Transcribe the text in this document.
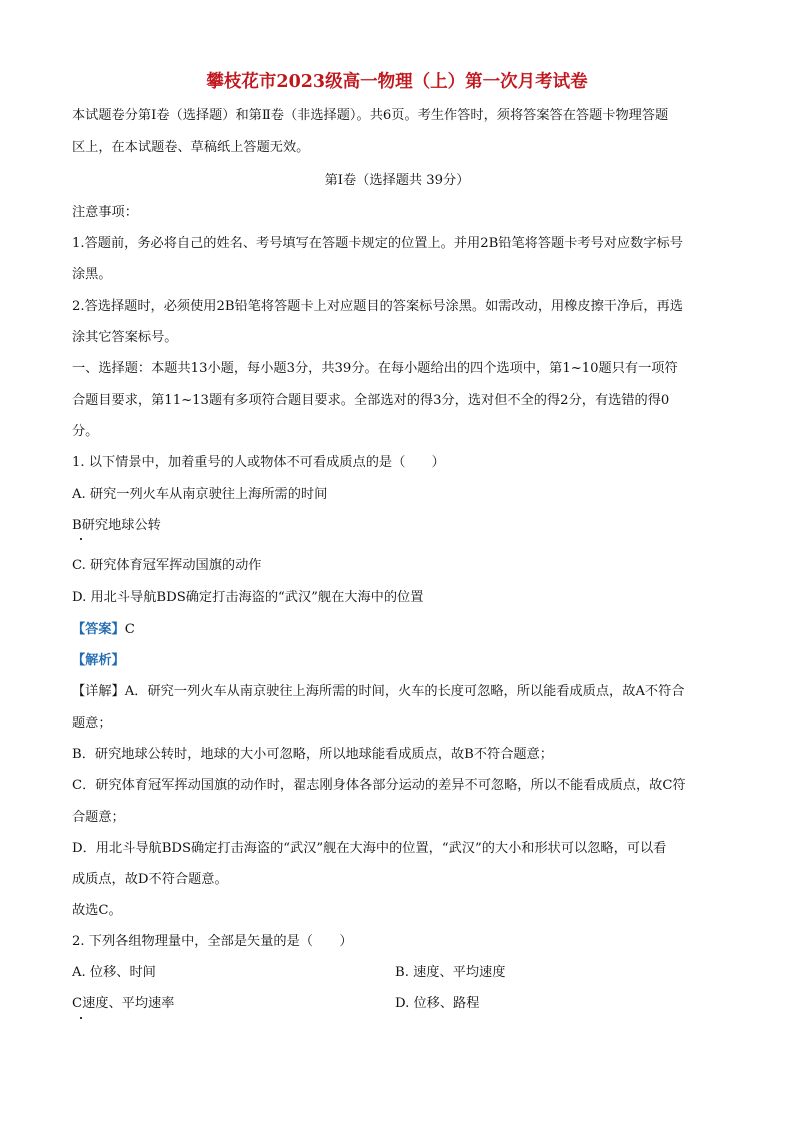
攀枝花市2023级高一物理（上）第一次月考试卷
本试题卷分第Ⅰ卷（选择题）和第Ⅱ卷（非选择题）。共6页。考生作答时，须将答案答在答题卡物理答题
区上，在本试题卷、草稿纸上答题无效。
第Ⅰ卷（选择题共 39分）
注意事项：
1.答题前，务必将自己的姓名、考号填写在答题卡规定的位置上。并用2B铅笔将答题卡考号对应数字标号
涂黑。
2.答选择题时，必须使用2B铅笔将答题卡上对应题目的答案标号涂黑。如需改动，用橡皮擦干净后，再选
涂其它答案标号。
一、选择题：本题共13小题，每小题3分，共39分。在每小题给出的四个选项中，第1~10题只有一项符
合题目要求，第11~13题有多项符合题目要求。全部选对的得3分，选对但不全的得2分，有选错的得0
分。
1. 以下情景中，加着重号的人或物体不可看成质点的是（　　）
A. 研究一列火车从南京驶往上海所需的时间
B研究地球公转
C. 研究体育冠军挥动国旗的动作
D. 用北斗导航BDS确定打击海盗的“武汉”舰在大海中的位置
【答案】C
【解析】
【详解】A．研究一列火车从南京驶往上海所需的时间，火车的长度可忽略，所以能看成质点，故A不符合
题意；
B．研究地球公转时，地球的大小可忽略，所以地球能看成质点，故B不符合题意；
C．研究体育冠军挥动国旗的动作时，翟志刚身体各部分运动的差异不可忽略，所以不能看成质点，故C符
合题意；
D．用北斗导航BDS确定打击海盗的“武汉”舰在大海中的位置，“武汉”的大小和形状可以忽略，可以看
成质点，故D不符合题意。
故选C。
2. 下列各组物理量中，全部是矢量的是（　　）
A. 位移、时间	B. 速度、平均速度
C速度、平均速率	D. 位移、路程
